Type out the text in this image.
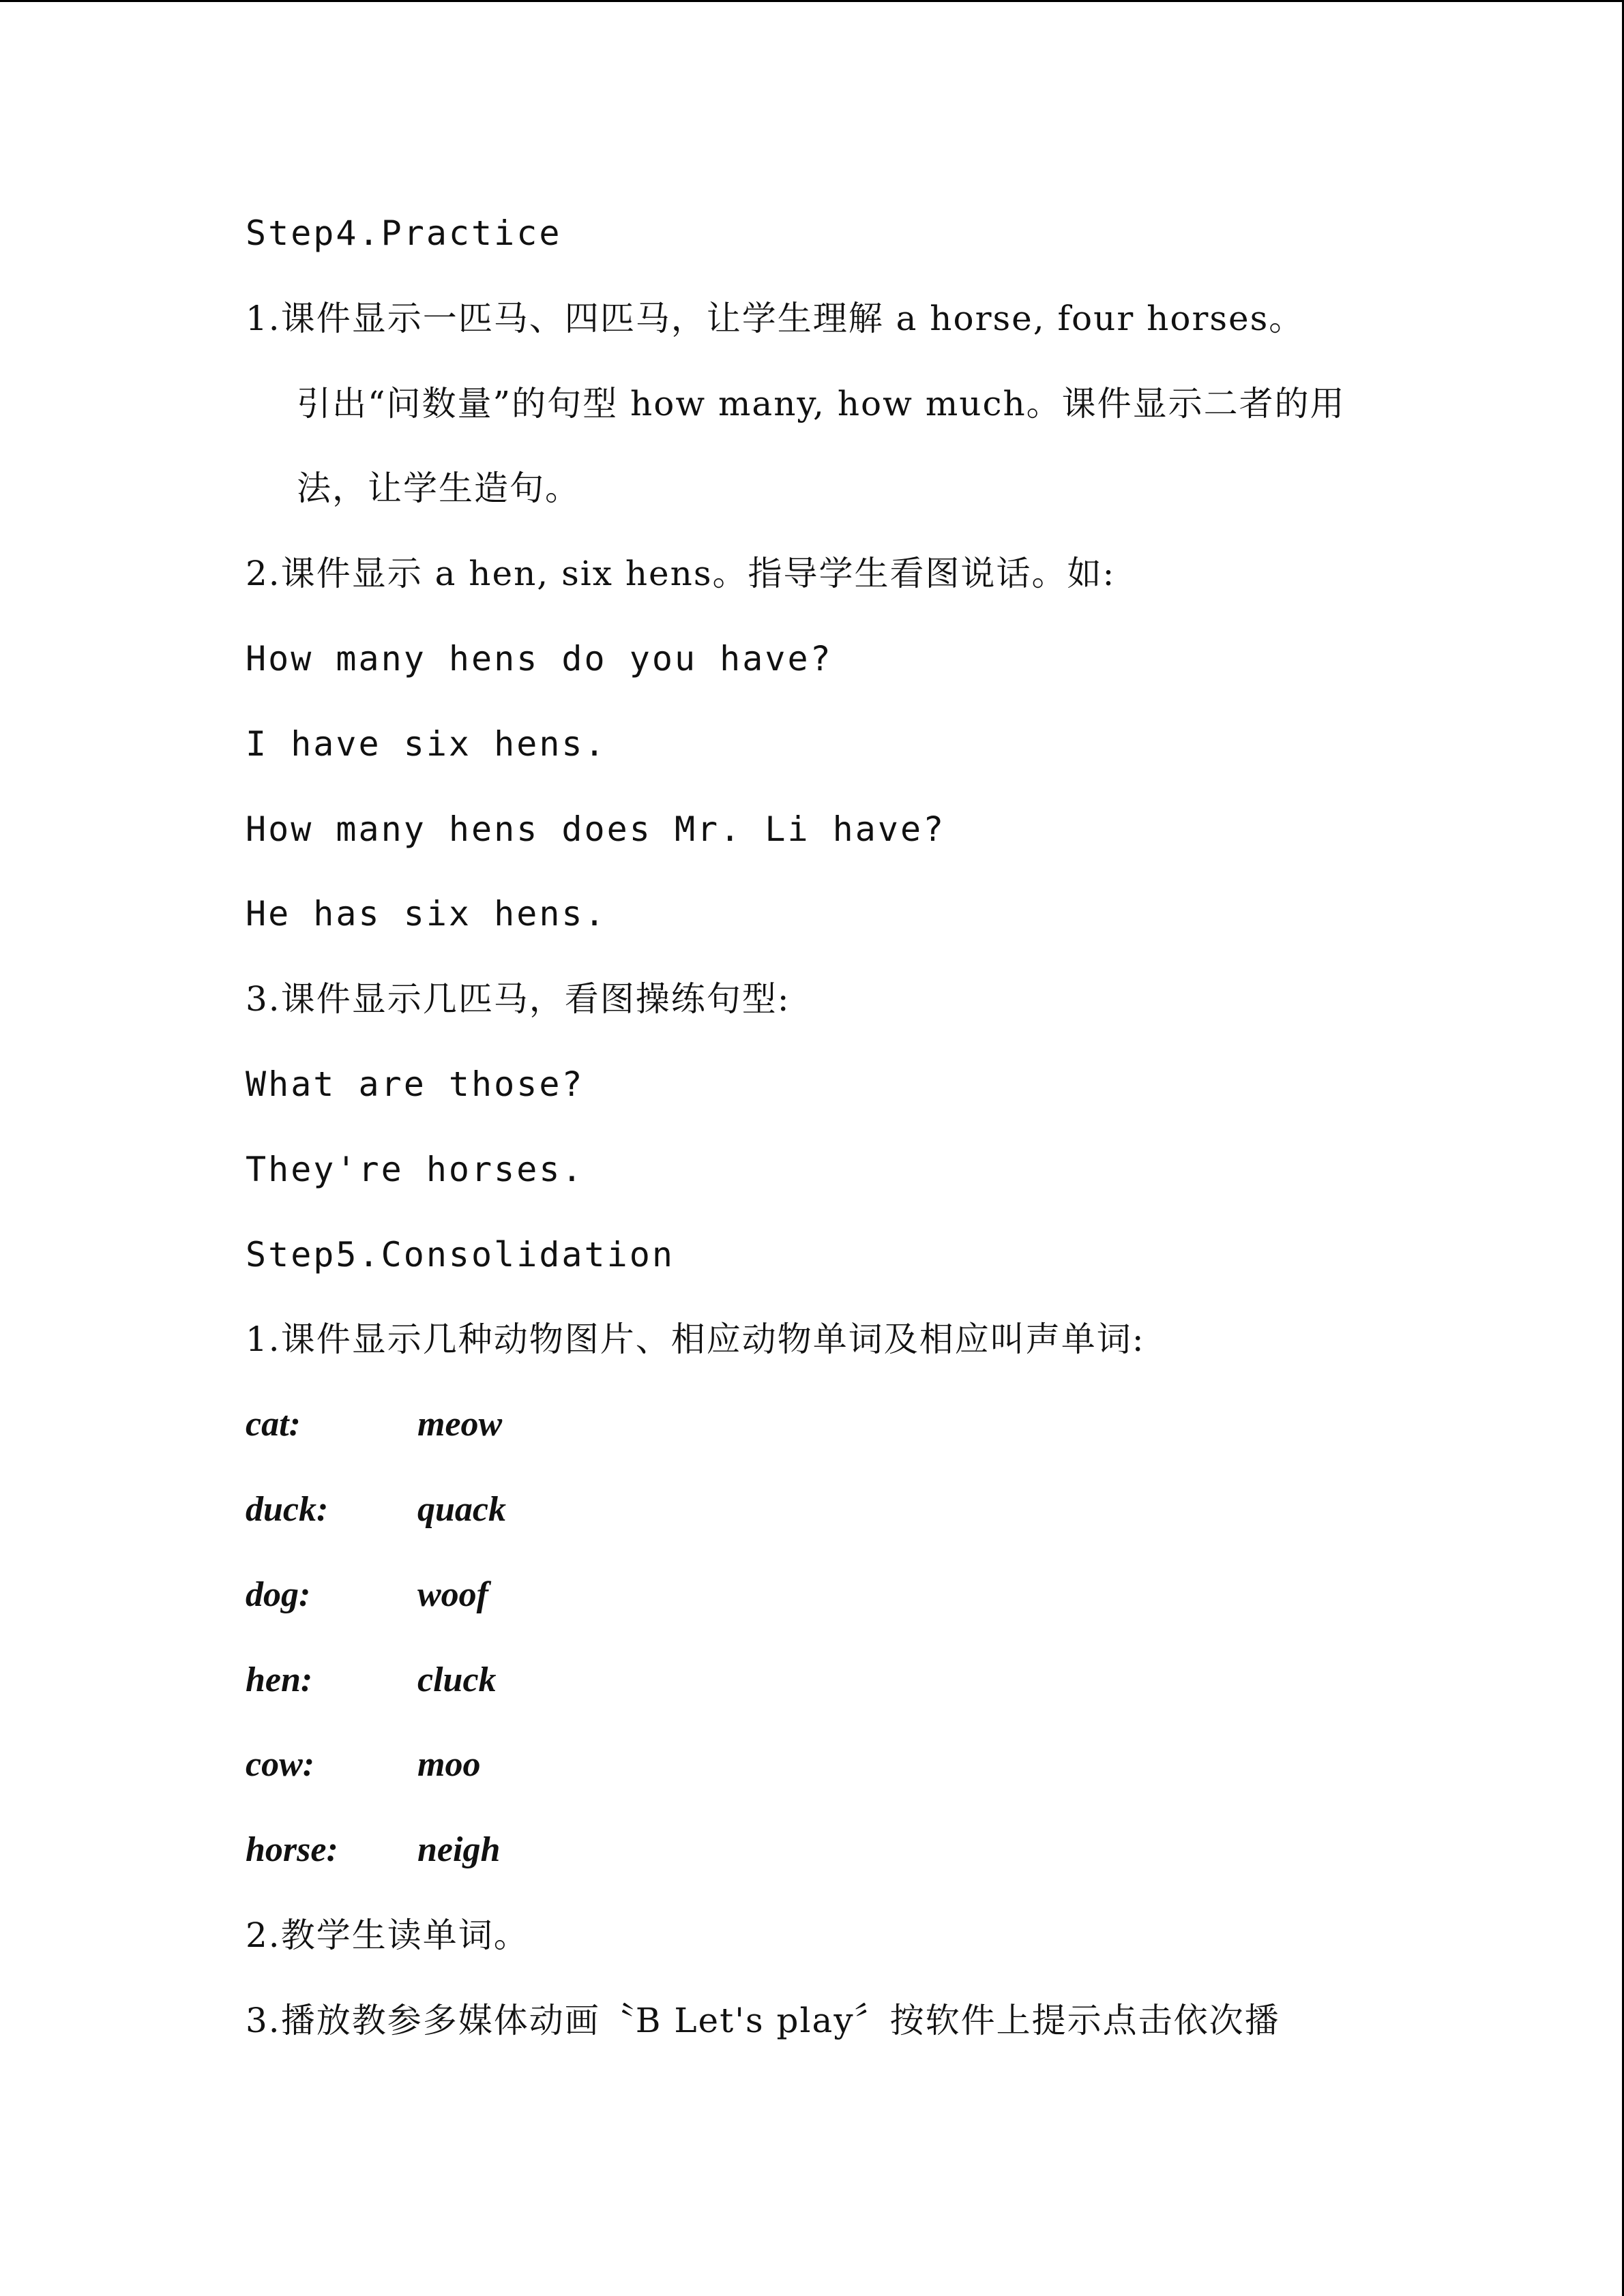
Step4.Practice
1.课件显示一匹马、四匹马，让学生理解 a horse, four horses。
引出“问数量”的句型 how many, how much。课件显示二者的用
法，让学生造句。
2.课件显示 a hen, six hens。指导学生看图说话。如:
How many hens do you have?
I have six hens.
How many hens does Mr. Li have?
He has six hens.
3.课件显示几匹马，看图操练句型:
What are those?
They're horses.
Step5.Consolidation
1.课件显示几种动物图片、相应动物单词及相应叫声单词:
cat:	meow
duck:	quack
dog:	woof
hen:	cluck
cow:	moo
horse: neigh
2.教学生读单词。
3.播放教参多媒体动画〝B Let's play〞按软件上提示点击依次播
